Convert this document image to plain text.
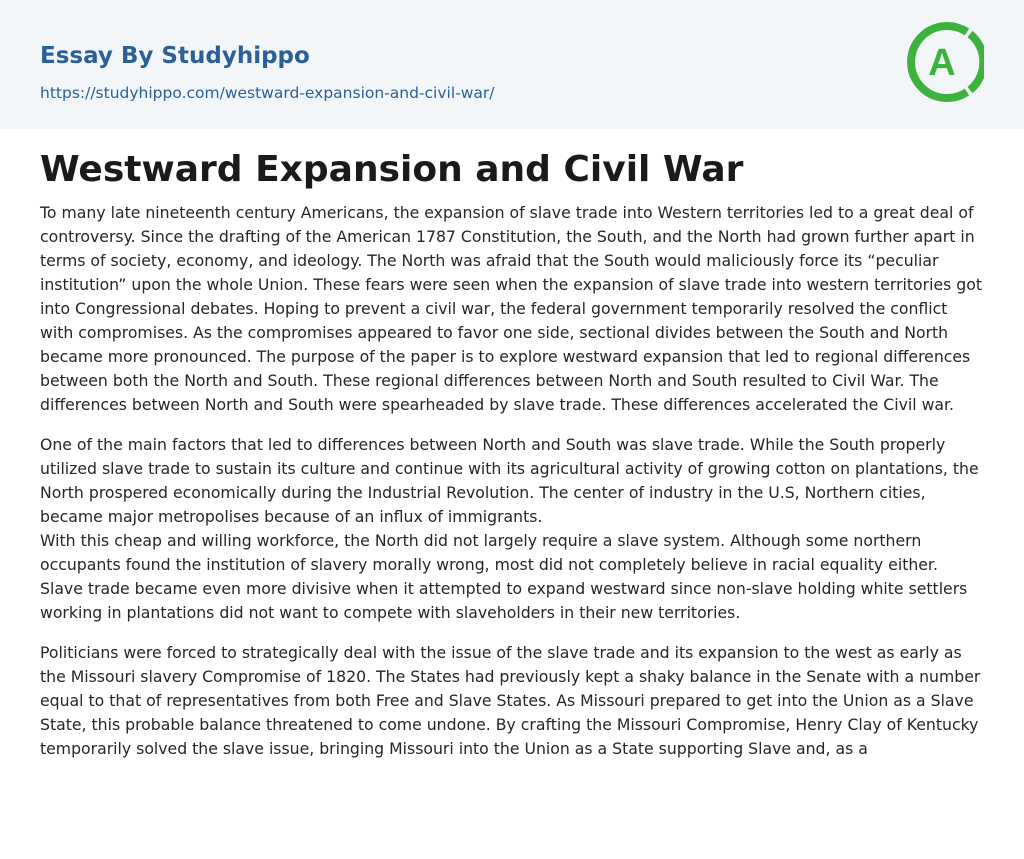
Essay By Studyhippo
https://studyhippo.com/westward-expansion-and-civil-war/
A
Westward Expansion and Civil War

To many late nineteenth century Americans, the expansion of slave trade into Western territories led to a great deal of controversy. Since the drafting of the American 1787 Constitution, the South, and the North had grown further apart in terms of society, economy, and ideology. The North was afraid that the South would maliciously force its “peculiar institution” upon the whole Union. These fears were seen when the expansion of slave trade into western territories got into Congressional debates. Hoping to prevent a civil war, the federal government temporarily resolved the conflict with compromises. As the compromises appeared to favor one side, sectional divides between the South and North became more pronounced. The purpose of the paper is to explore westward expansion that led to regional differences between both the North and South. These regional differences between North and South resulted to Civil War. The differences between North and South were spearheaded by slave trade. These differences accelerated the Civil war.

One of the main factors that led to differences between North and South was slave trade. While the South properly utilized slave trade to sustain its culture and continue with its agricultural activity of growing cotton on plantations, the North prospered economically during the Industrial Revolution. The center of industry in the U.S, Northern cities, became major metropolises because of an influx of immigrants.

With this cheap and willing workforce, the North did not largely require a slave system. Although some northern occupants found the institution of slavery morally wrong, most did not completely believe in racial equality either. Slave trade became even more divisive when it attempted to expand westward since non-slave holding white settlers working in plantations did not want to compete with slaveholders in their new territories.

Politicians were forced to strategically deal with the issue of the slave trade and its expansion to the west as early as the Missouri slavery Compromise of 1820. The States had previously kept a shaky balance in the Senate with a number equal to that of representatives from both Free and Slave States. As Missouri prepared to get into the Union as a Slave State, this probable balance threatened to come undone. By crafting the Missouri Compromise, Henry Clay of Kentucky temporarily solved the slave issue, bringing Missouri into the Union as a State supporting Slave and, as a
